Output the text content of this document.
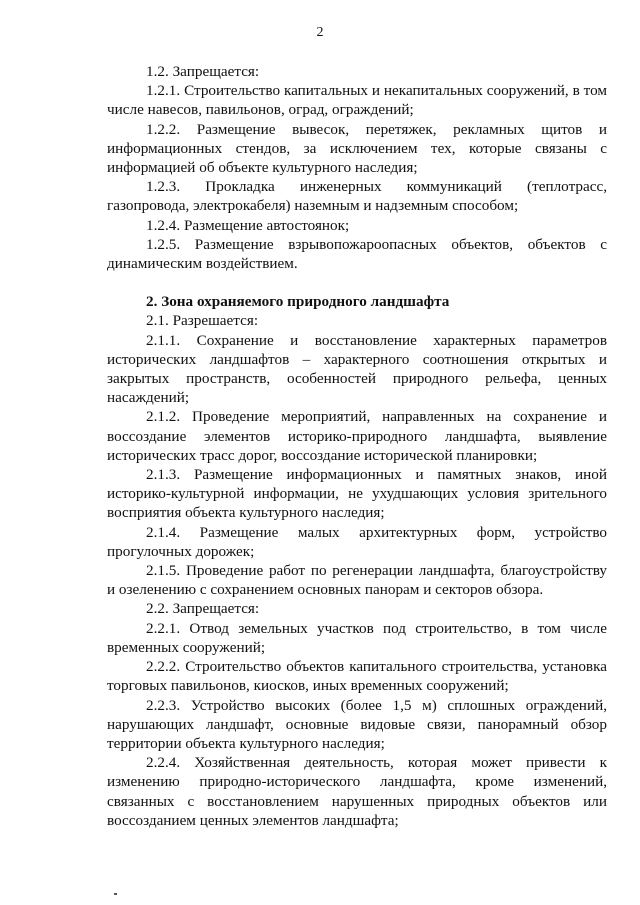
2

1.2. Запрещается:

1.2.1. Строительство капитальных и некапитальных сооружений, в том числе навесов, павильонов, оград, ограждений;

1.2.2. Размещение вывесок, перетяжек, рекламных щитов и информационных стендов, за исключением тех, которые связаны с информацией об объекте культурного наследия;

1.2.3. Прокладка инженерных коммуникаций (теплотрасс, газопровода, электрокабеля) наземным и надземным способом;

1.2.4. Размещение автостоянок;

1.2.5. Размещение взрывопожароопасных объектов, объектов с динамическим воздействием.

2. Зона охраняемого природного ландшафта

2.1. Разрешается:

2.1.1. Сохранение и восстановление характерных параметров исторических ландшафтов – характерного соотношения открытых и закрытых пространств, особенностей природного рельефа, ценных насаждений;

2.1.2. Проведение мероприятий, направленных на сохранение и воссоздание элементов историко-природного ландшафта, выявление исторических трасс дорог, воссоздание исторической планировки;

2.1.3. Размещение информационных и памятных знаков, иной историко-культурной информации, не ухудшающих условия зрительного восприятия объекта культурного наследия;

2.1.4. Размещение малых архитектурных форм, устройство прогулочных дорожек;

2.1.5. Проведение работ по регенерации ландшафта, благоустройству и озеленению с сохранением основных панорам и секторов обзора.

2.2. Запрещается:

2.2.1. Отвод земельных участков под строительство, в том числе временных сооружений;

2.2.2. Строительство объектов капитального строительства, установка торговых павильонов, киосков, иных временных сооружений;

2.2.3. Устройство высоких (более 1,5 м) сплошных ограждений, нарушающих ландшафт, основные видовые связи, панорамный обзор территории объекта культурного наследия;

2.2.4. Хозяйственная деятельность, которая может привести к изменению природно-исторического ландшафта, кроме изменений, связанных с восстановлением нарушенных природных объектов или воссозданием ценных элементов ландшафта;
